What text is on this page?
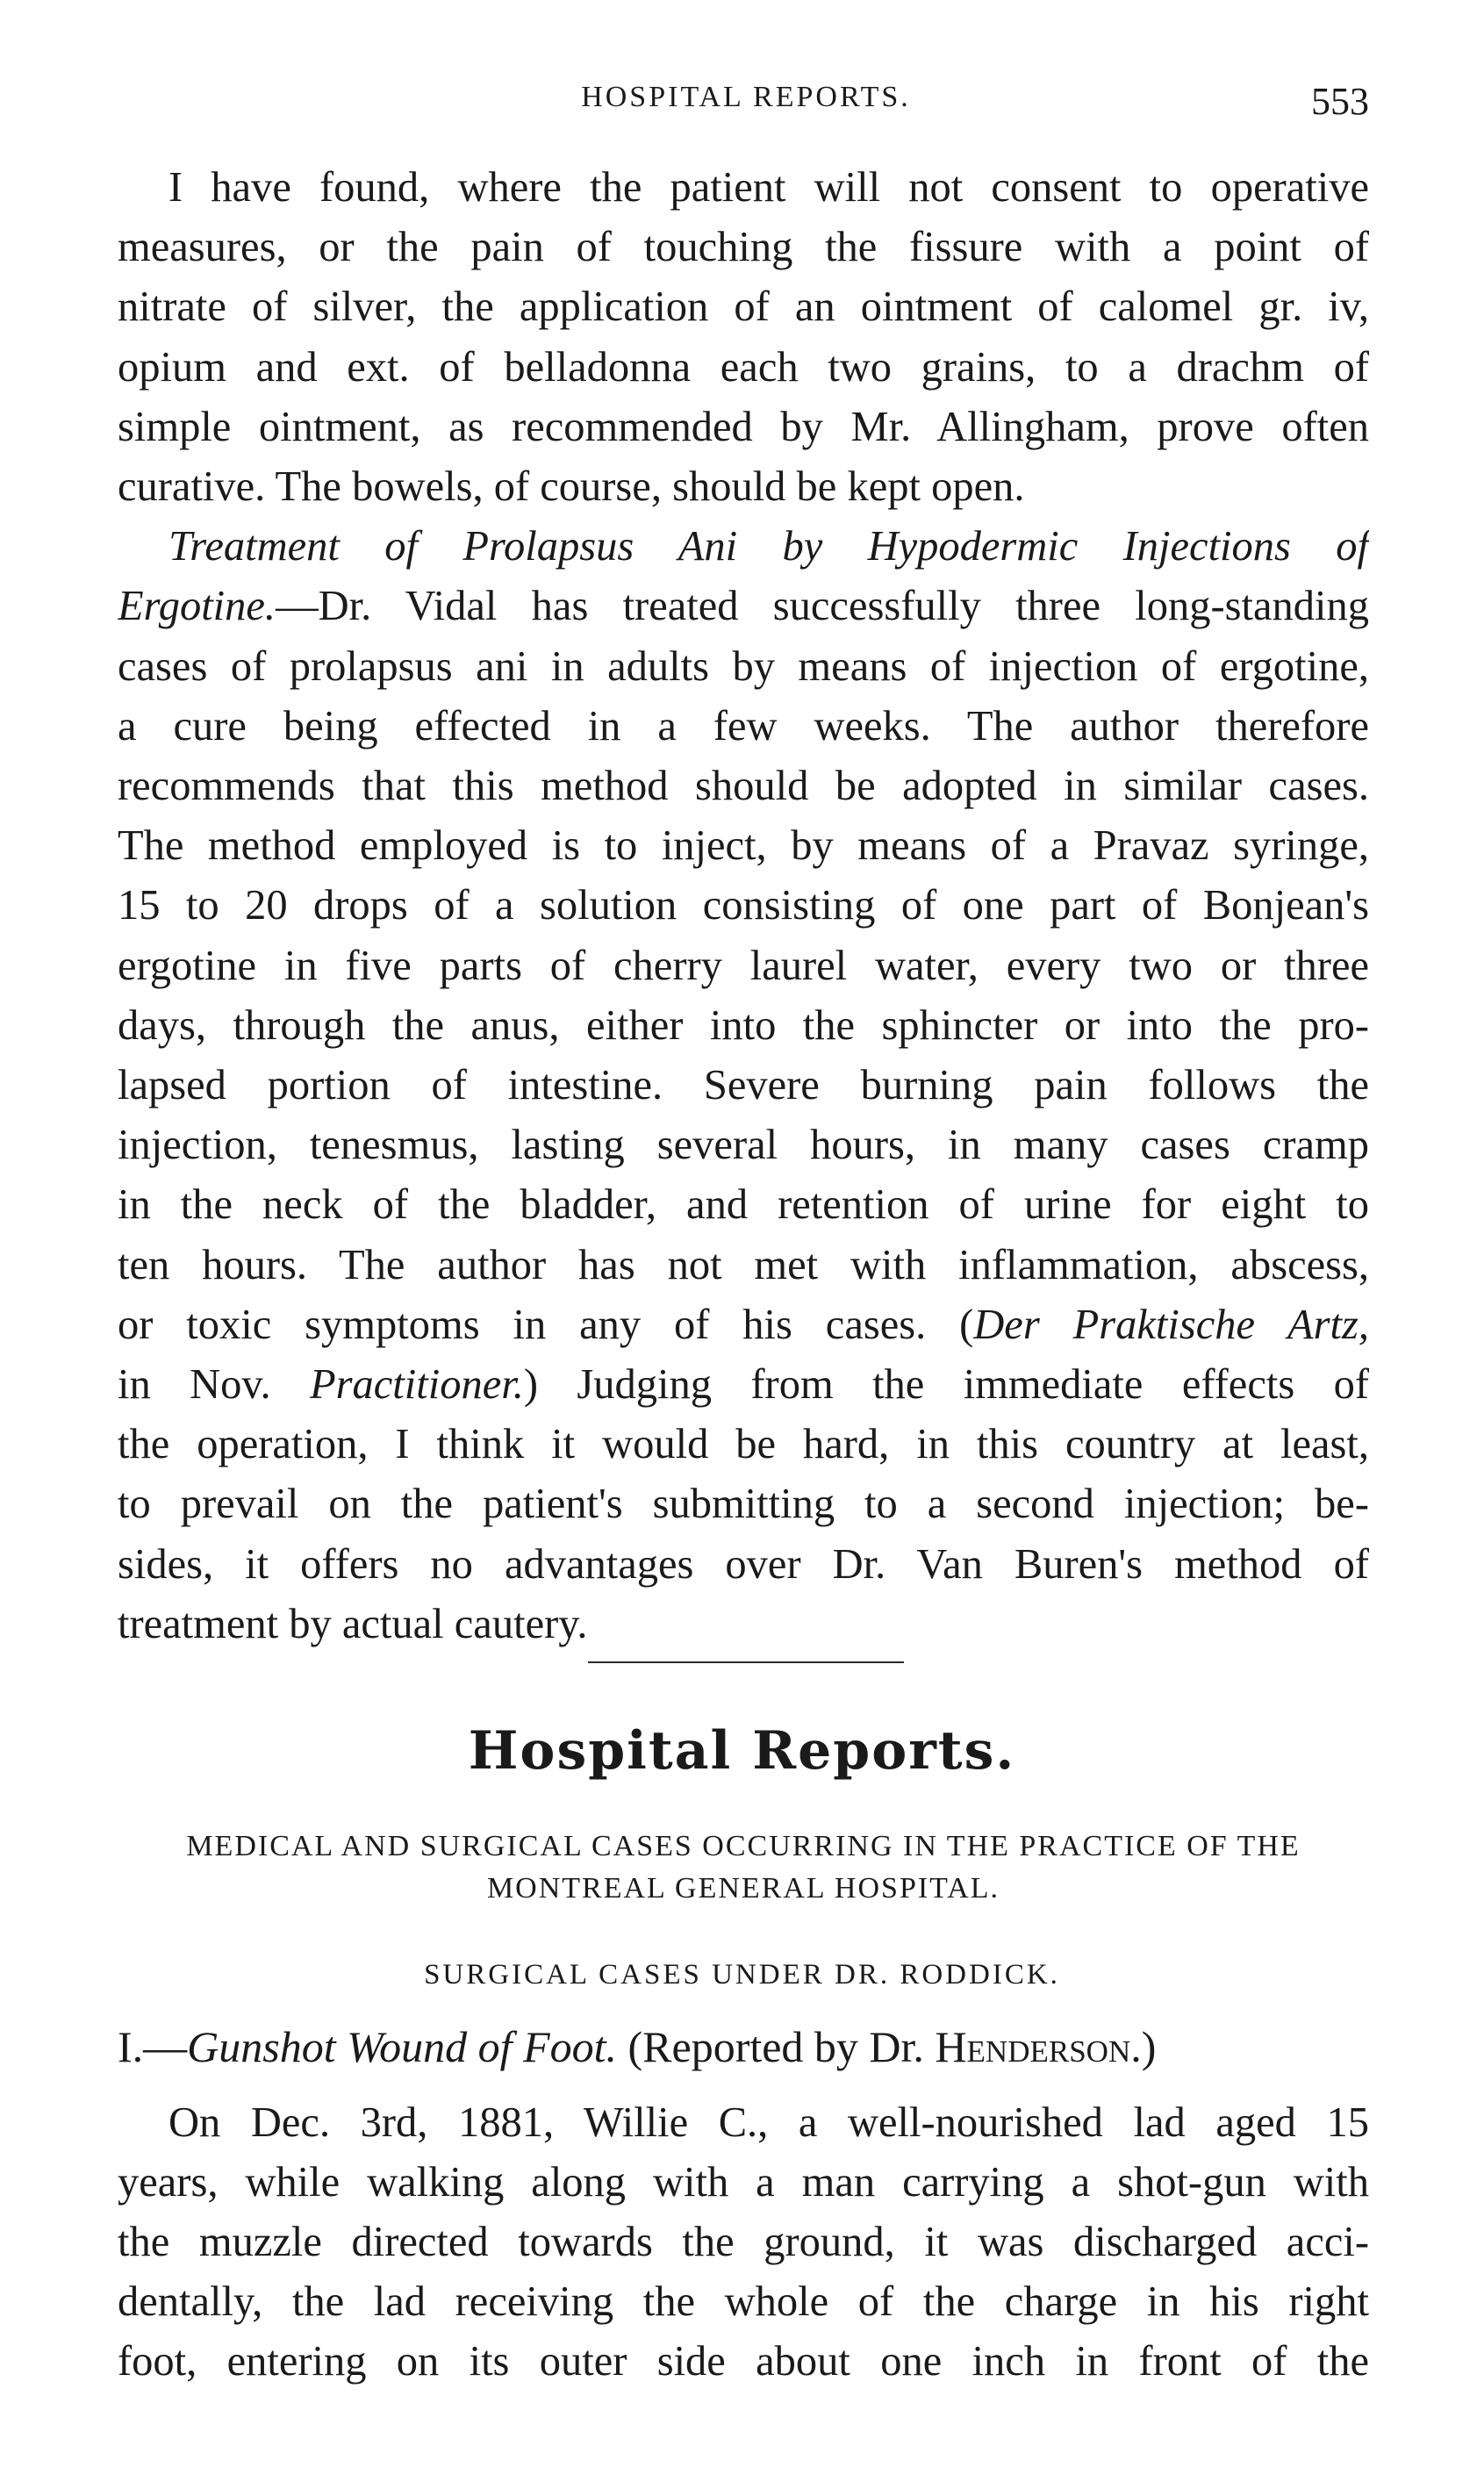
HOSPITAL REPORTS.	553

I have found, where the patient will not consent to operative
measures, or the pain of touching the fissure with a point of
nitrate of silver, the application of an ointment of calomel gr. iv,
opium and ext. of belladonna each two grains, to a drachm of
simple ointment, as recommended by Mr. Allingham, prove often
curative. The bowels, of course, should be kept open.

Treatment of Prolapsus Ani by Hypodermic Injections of
Ergotine.—Dr. Vidal has treated successfully three long-standing
cases of prolapsus ani in adults by means of injection of ergotine,
a cure being effected in a few weeks. The author therefore
recommends that this method should be adopted in similar cases.
The method employed is to inject, by means of a Pravaz syringe,
15 to 20 drops of a solution consisting of one part of Bonjean's
ergotine in five parts of cherry laurel water, every two or three
days, through the anus, either into the sphincter or into the pro-
lapsed portion of intestine. Severe burning pain follows the
injection, tenesmus, lasting several hours, in many cases cramp
in the neck of the bladder, and retention of urine for eight to
ten hours. The author has not met with inflammation, abscess,
or toxic symptoms in any of his cases. (Der Praktische Artz,
in Nov. Practitioner.) Judging from the immediate effects of
the operation, I think it would be hard, in this country at least,
to prevail on the patient's submitting to a second injection; be-
sides, it offers no advantages over Dr. Van Buren's method of
treatment by actual cautery.

Hospital Reports.
MEDICAL AND SURGICAL CASES OCCURRING IN THE PRACTICE OF THE
MONTREAL GENERAL HOSPITAL.
SURGICAL CASES UNDER DR. RODDICK.
I.—Gunshot Wound of Foot. (Reported by Dr. Henderson.)

On Dec. 3rd, 1881, Willie C., a well-nourished lad aged 15
years, while walking along with a man carrying a shot-gun with
the muzzle directed towards the ground, it was discharged acci-
dentally, the lad receiving the whole of the charge in his right
foot, entering on its outer side about one inch in front of the
